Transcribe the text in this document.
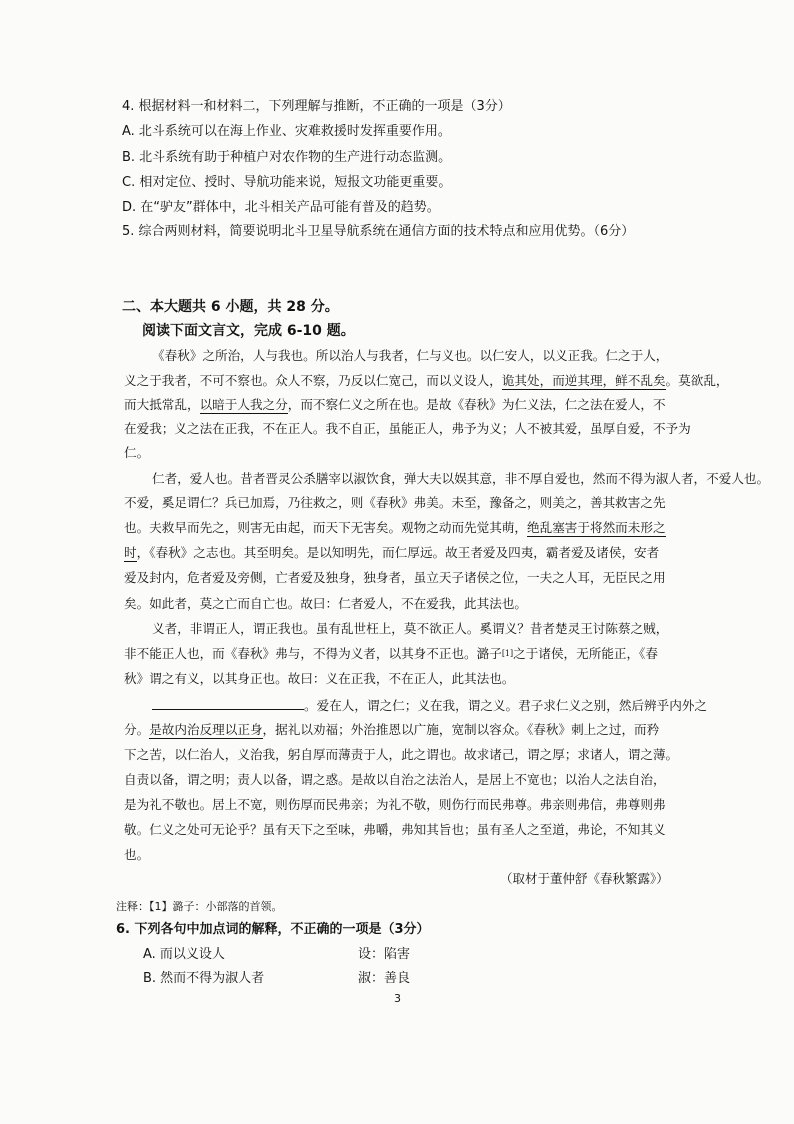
4. 根据材料一和材料二，下列理解与推断，不正确的一项是（3分）
A. 北斗系统可以在海上作业、灾难救援时发挥重要作用。
B. 北斗系统有助于种植户对农作物的生产进行动态监测。
C. 相对定位、授时、导航功能来说，短报文功能更重要。
D. 在“驴友”群体中，北斗相关产品可能有普及的趋势。
5. 综合两则材料，简要说明北斗卫星导航系统在通信方面的技术特点和应用优势。（6分）
二、本大题共 6 小题，共 28 分。
阅读下面文言文，完成 6-10 题。
《春秋》之所治，人与我也。所以治人与我者，仁与义也。以仁安人，以义正我。仁之于人，
义之于我者，不可不察也。众人不察，乃反以仁宽己，而以义设人，诡其处，而逆其理，鲜不乱矣。莫欲乱，
而大抵常乱，以暗于人我之分，而不察仁义之所在也。是故《春秋》为仁义法，仁之法在爱人，不
在爱我；义之法在正我，不在正人。我不自正，虽能正人，弗予为义；人不被其爱，虽厚自爱，不予为
仁。
仁者，爱人也。昔者晋灵公杀膳宰以淑饮食，弹大夫以娱其意，非不厚自爱也，然而不得为淑人者，不爱人也。
不爱，奚足谓仁？兵已加焉，乃往救之，则《春秋》弗美。未至，豫备之，则美之，善其救害之先
也。夫救早而先之，则害无由起，而天下无害矣。观物之动而先觉其萌，绝乱塞害于将然而未形之
时，《春秋》之志也。其至明矣。是以知明先，而仁厚远。故王者爱及四夷，霸者爱及诸侯，安者
爱及封内，危者爱及旁侧，亡者爱及独身，独身者，虽立天子诸侯之位，一夫之人耳，无臣民之用
矣。如此者，莫之亡而自亡也。故曰：仁者爱人，不在爱我，此其法也。
义者，非谓正人，谓正我也。虽有乱世枉上，莫不欲正人。奚谓义？昔者楚灵王讨陈蔡之贼，
非不能正人也，而《春秋》弗与，不得为义者，以其身不正也。潞子[1]之于诸侯，无所能正，《春
秋》谓之有义，以其身正也。故曰：义在正我，不在正人，此其法也。
。爱在人，谓之仁；义在我，谓之义。君子求仁义之别，然后辨乎内外之
分。是故内治反理以正身，据礼以劝福；外治推恩以广施，宽制以容众。《春秋》刺上之过，而矜
下之苦，以仁治人，义治我，躬自厚而薄责于人，此之谓也。故求诸己，谓之厚；求诸人，谓之薄。
自责以备，谓之明；责人以备，谓之惑。是故以自治之法治人，是居上不宽也；以治人之法自治，
是为礼不敬也。居上不宽，则伤厚而民弗亲；为礼不敬，则伤行而民弗尊。弗亲则弗信，弗尊则弗
敬。仁义之处可无论乎？虽有天下之至味，弗嚼，弗知其旨也；虽有圣人之至道，弗论，不知其义
也。
（取材于董仲舒《春秋繁露》）
注释：【1】潞子：小部落的首领。
6. 下列各句中加点词的解释，不正确的一项是（3分）
A. 而以义设人	设：陷害
B. 然而不得为淑人者	淑：善良
3
